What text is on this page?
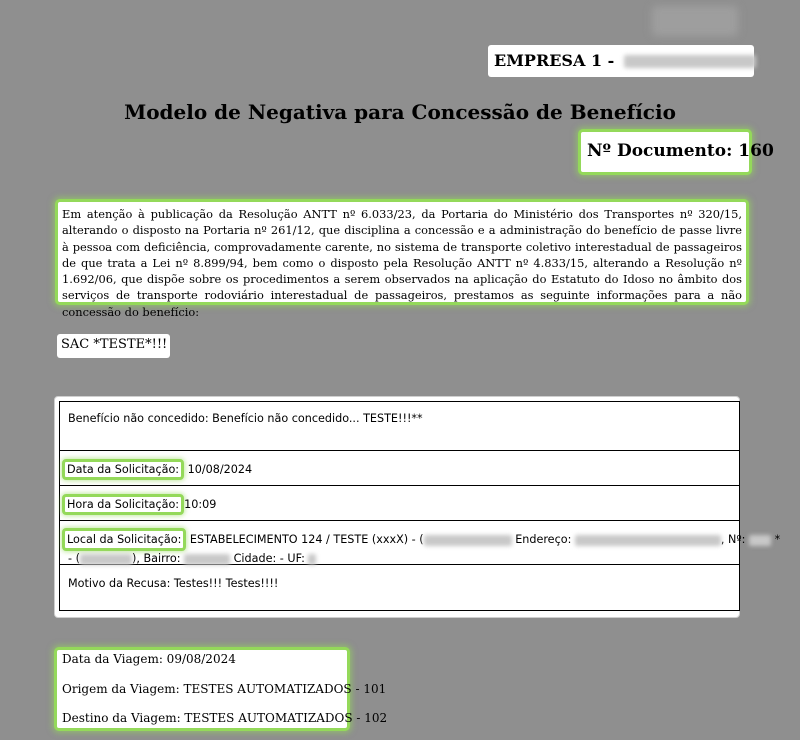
EMPRESA 1 -
Modelo de Negativa para Concessão de Benefício
Nº Documento: 160
Em atenção à publicação da Resolução ANTT nº 6.033/23, da Portaria do Ministério dos Transportes nº 320/15, alterando o disposto na Portaria nº 261/12, que disciplina a concessão e a administração do benefício de passe livre à pessoa com deficiência, comprovadamente carente, no sistema de transporte coletivo interestadual de passageiros de que trata a Lei nº 8.899/94, bem como o disposto pela Resolução ANTT nº 4.833/15, alterando a Resolução nº 1.692/06, que dispõe sobre os procedimentos a serem observados na aplicação do Estatuto do Idoso no âmbito dos serviços de transporte rodoviário interestadual de passageiros, prestamos as seguinte informações para a não concessão do benefício:
SAC *TESTE*!!!
Benefício não concedido: Benefício não concedido... TESTE!!!**
Data da Solicitação: 10/08/2024
Hora da Solicitação: 10:09
Local da Solicitação: ESTABELECIMENTO 124 / TESTE (xxxX) - (	Endereço:	, Nº:	*
- (	), Bairro:	Cidade: - UF:
Motivo da Recusa: Testes!!! Testes!!!!
Data da Viagem: 09/08/2024
Origem da Viagem: TESTES AUTOMATIZADOS - 101
Destino da Viagem: TESTES AUTOMATIZADOS - 102
